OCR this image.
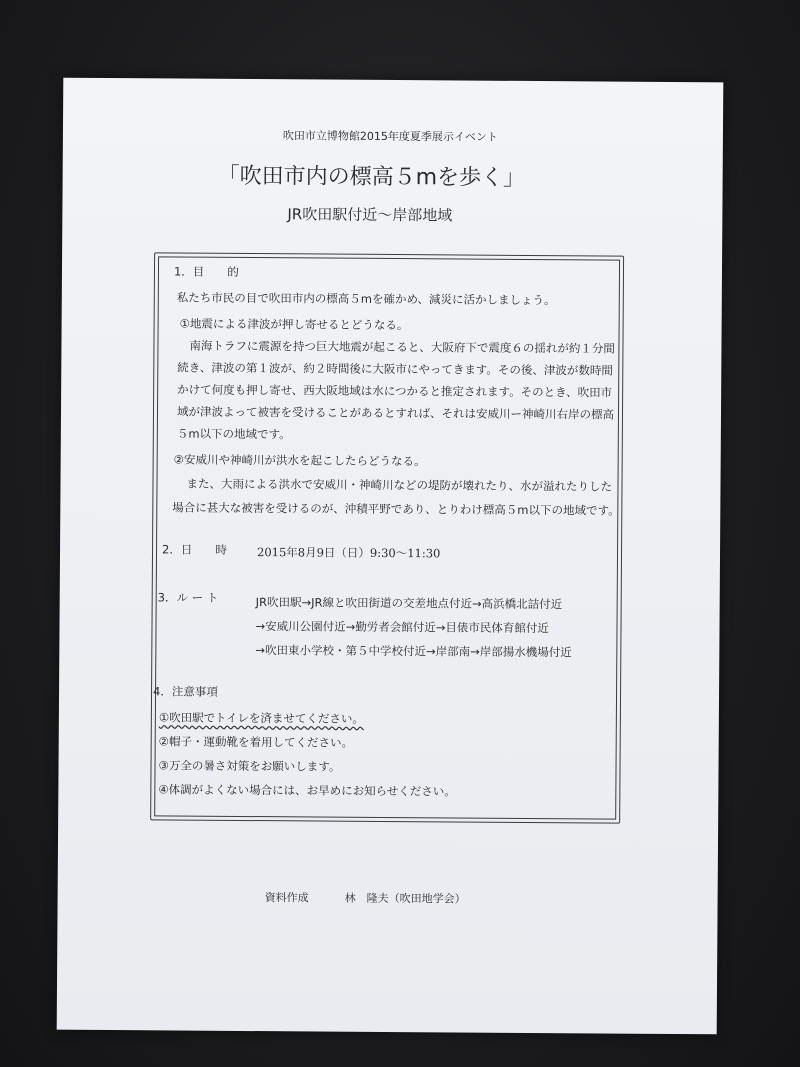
吹田市立博物館2015年度夏季展示イベント
「吹田市内の標高５mを歩く」
JR吹田駅付近～岸部地域
1．目　　的
私たち市民の目で吹田市内の標高５mを確かめ、減災に活かしましょう。
①地震による津波が押し寄せるとどうなる。
南海トラフに震源を持つ巨大地震が起こると、大阪府下で震度６の揺れが約１分間
続き、津波の第１波が、約２時間後に大阪市にやってきます。その後、津波が数時間
かけて何度も押し寄せ、西大阪地域は水につかると推定されます。そのとき、吹田市
域が津波よって被害を受けることがあるとすれば、それは安威川ー神崎川右岸の標高
５m以下の地域です。
②安威川や神崎川が洪水を起こしたらどうなる。
また、大雨による洪水で安威川・神崎川などの堤防が壊れたり、水が溢れたりした
場合に甚大な被害を受けるのが、沖積平野であり、とりわけ標高５m以下の地域です。
2．日　　時	2015年8月9日（日）9:30〜11:30
3．ル ー ト	JR吹田駅→JR線と吹田街道の交差地点付近→高浜橋北詰付近
→安威川公園付近→勤労者会館付近→目俵市民体育館付近
→吹田東小学校・第５中学校付近→岸部南→岸部揚水機場付近
4．注意事項
①吹田駅でトイレを済ませてください。
②帽子・運動靴を着用してください。
③万全の暑さ対策をお願いします。
④体調がよくない場合には、お早めにお知らせください。
資料作成	林　隆夫（吹田地学会）
